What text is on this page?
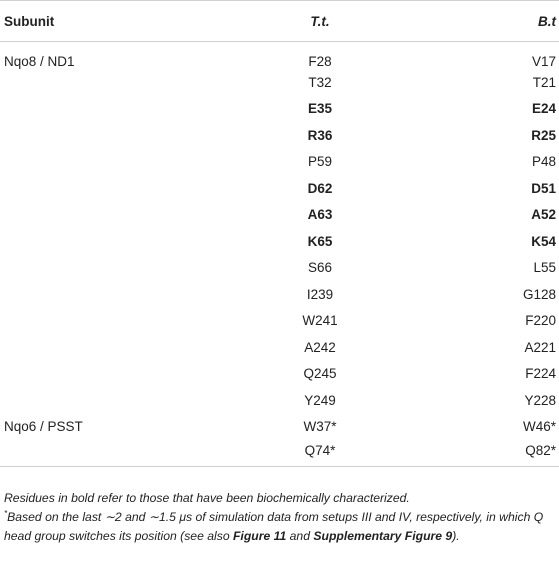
Subunit	T.t.	B.t
Nqo8 / ND1	F28	V17
	T32	T21
	E35	E24
	R36	R25
	P59	P48
	D62	D51
	A63	A52
	K65	K54
	S66	L55
	I239	G128
	W241	F220
	A242	A221
	Q245	F224
	Y249	Y228
Nqo6 / PSST	W37*	W46*
	Q74*	Q82*

Residues in bold refer to those that have been biochemically characterized.

*Based on the last ∼2 and ∼1.5 μs of simulation data from setups III and IV, respectively, in which Q head group switches its position (see also Figure 11 and Supplementary Figure 9).
